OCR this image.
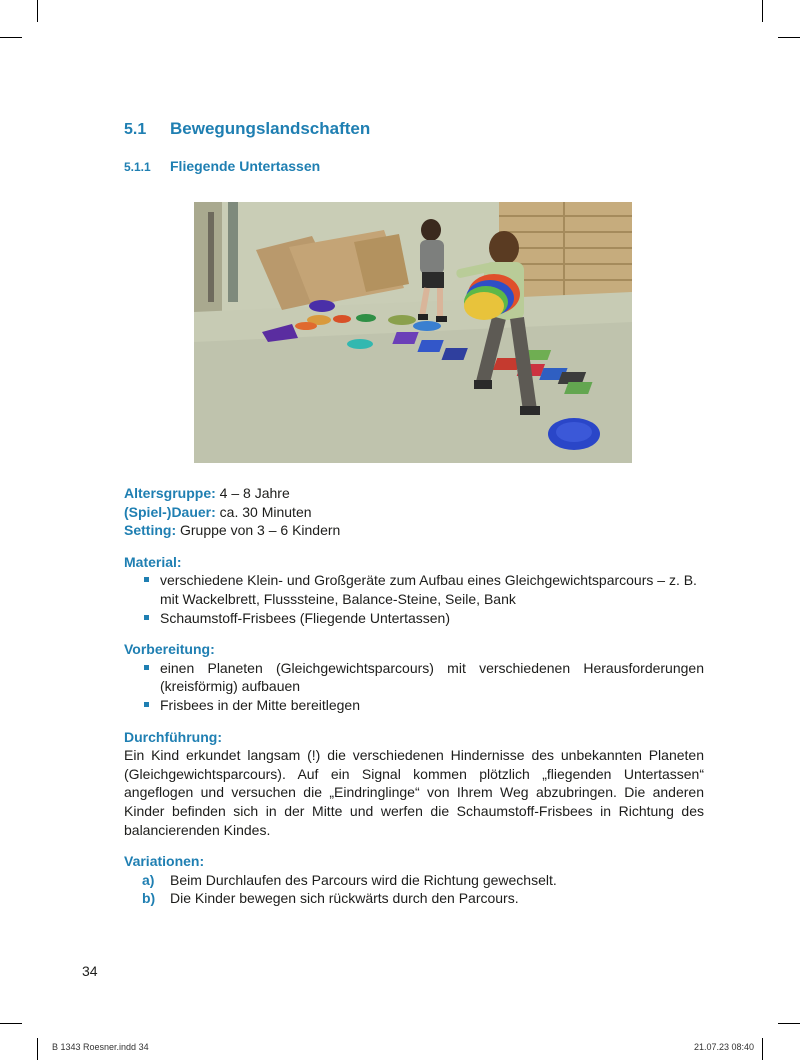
5.1 Bewegungslandschaften
5.1.1 Fliegende Untertassen
Altersgruppe: 4 – 8 Jahre
(Spiel-)Dauer: ca. 30 Minuten
Setting: Gruppe von 3 – 6 Kindern
Material:
verschiedene Klein- und Großgeräte zum Aufbau eines Gleichgewichtsparcours – z. B. mit Wackelbrett, Flusssteine, Balance-Steine, Seile, Bank
Schaumstoff-Frisbees (Fliegende Untertassen)
Vorbereitung:
einen Planeten (Gleichgewichtsparcours) mit verschiedenen Herausforderungen (kreisförmig) aufbauen
Frisbees in der Mitte bereitlegen
Durchführung:
Ein Kind erkundet langsam (!) die verschiedenen Hindernisse des unbekannten Planeten (Gleichgewichtsparcours). Auf ein Signal kommen plötzlich „fliegenden Untertassen“ angeflogen und versuchen die „Eindringlinge“ von Ihrem Weg abzubringen. Die anderen Kinder befinden sich in der Mitte und werfen die Schaumstoff-Frisbees in Richtung des balancierenden Kindes.
Variationen:
a) Beim Durchlaufen des Parcours wird die Richtung gewechselt.
b) Die Kinder bewegen sich rückwärts durch den Parcours.
34
B 1343 Roesner.indd 34	21.07.23 08:40
